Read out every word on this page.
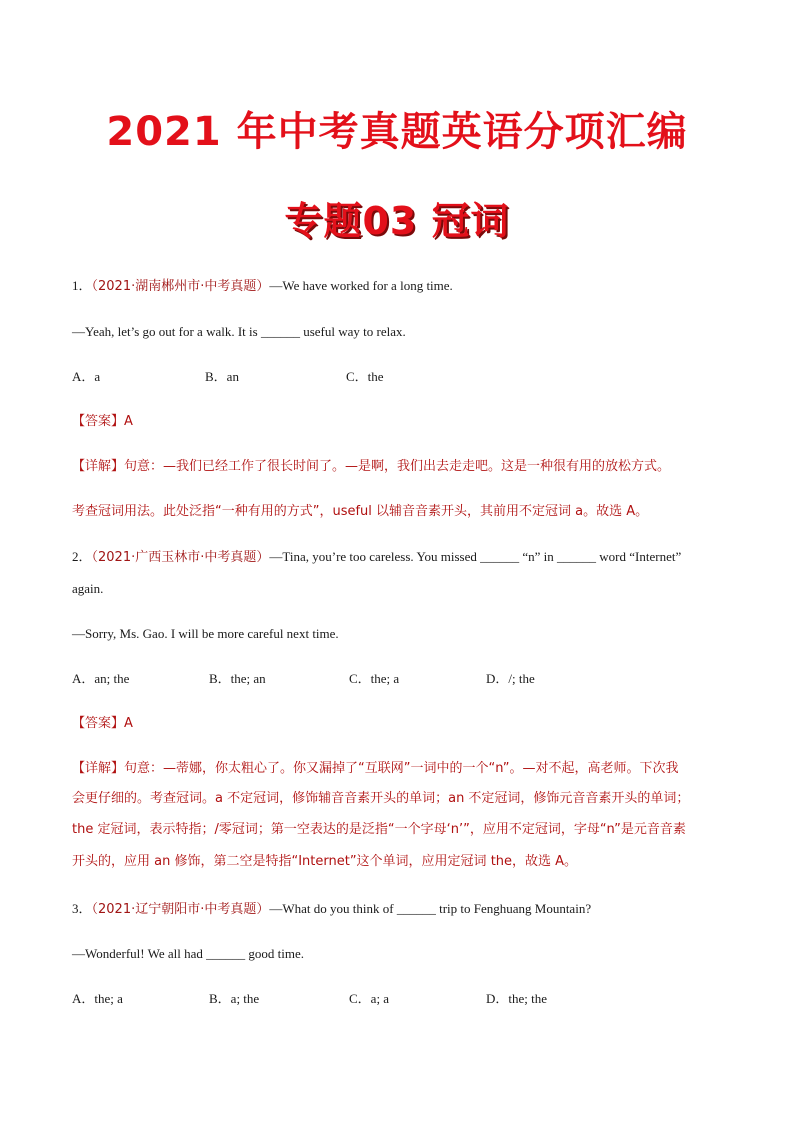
2021 年中考真题英语分项汇编
专题03 冠词
1．（2021·湖南郴州市·中考真题）—We have worked for a long time.
—Yeah, let’s go out for a walk. It is ______ useful way to relax.
A．a	B．an	C．the
【答案】A
【详解】句意：—我们已经工作了很长时间了。—是啊，我们出去走走吧。这是一种很有用的放松方式。
考查冠词用法。此处泛指“一种有用的方式”，useful 以辅音音素开头，其前用不定冠词 a。故选 A。
2．（2021·广西玉林市·中考真题）—Tina, you’re too careless. You missed ______ “n” in ______ word “Internet”
again.
—Sorry, Ms. Gao. I will be more careful next time.
A．an; the	B．the; an	C．the; a	D．/; the
【答案】A
【详解】句意：—蒂娜，你太粗心了。你又漏掉了“互联网”一词中的一个“n”。—对不起，高老师。下次我
会更仔细的。考查冠词。a 不定冠词，修饰辅音音素开头的单词；an 不定冠词，修饰元音音素开头的单词；
the 定冠词，表示特指；/零冠词；第一空表达的是泛指“一个字母‘n’”，应用不定冠词，字母“n”是元音音素
开头的，应用 an 修饰，第二空是特指“Internet”这个单词，应用定冠词 the，故选 A。
3．（2021·辽宁朝阳市·中考真题）—What do you think of ______ trip to Fenghuang Mountain?
—Wonderful! We all had ______ good time.
A．the; a	B．a; the	C．a; a	D．the; the
